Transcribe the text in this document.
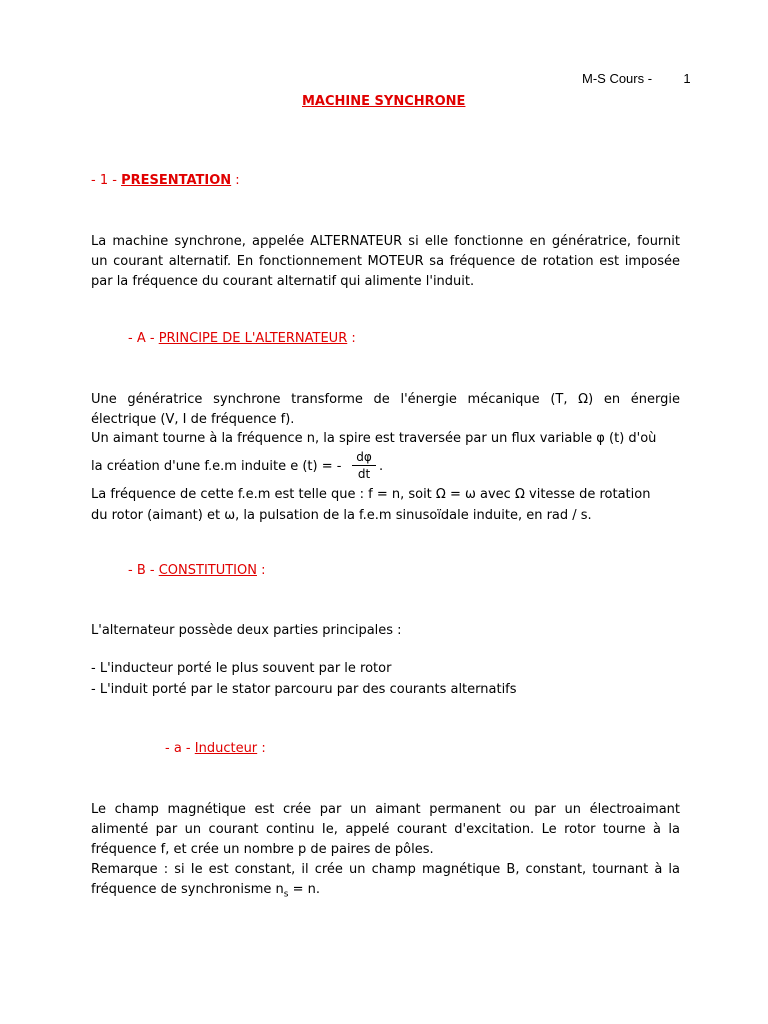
M-S Cours - 1
MACHINE SYNCHRONE
- 1 - PRESENTATION :
La machine synchrone, appelée ALTERNATEUR si elle fonctionne en génératrice, fournit un courant alternatif. En fonctionnement MOTEUR sa fréquence de rotation est imposée par la fréquence du courant alternatif qui alimente l'induit.
- A - PRINCIPE DE L'ALTERNATEUR :
Une génératrice synchrone transforme de l'énergie mécanique (T, Ω) en énergie électrique (V, I de fréquence f).
Un aimant tourne à la fréquence n, la spire est traversée par un flux variable φ (t) d'où
la création d'une f.e.m induite e (t) = -
dφ
dt .
La fréquence de cette f.e.m est telle que : f = n, soit Ω = ω avec Ω vitesse de rotation
du rotor (aimant) et ω, la pulsation de la f.e.m sinusoïdale induite, en rad / s.
- B - CONSTITUTION :
L'alternateur possède deux parties principales :
- L'inducteur porté le plus souvent par le rotor
- L'induit porté par le stator parcouru par des courants alternatifs
- a - Inducteur :
Le champ magnétique est crée par un aimant permanent ou par un électroaimant alimenté par un courant continu Ie, appelé courant d'excitation. Le rotor tourne à la fréquence f, et crée un nombre p de paires de pôles.
Remarque : si Ie est constant, il crée un champ magnétique B, constant, tournant à la fréquence de synchronisme $n_s = n$.
